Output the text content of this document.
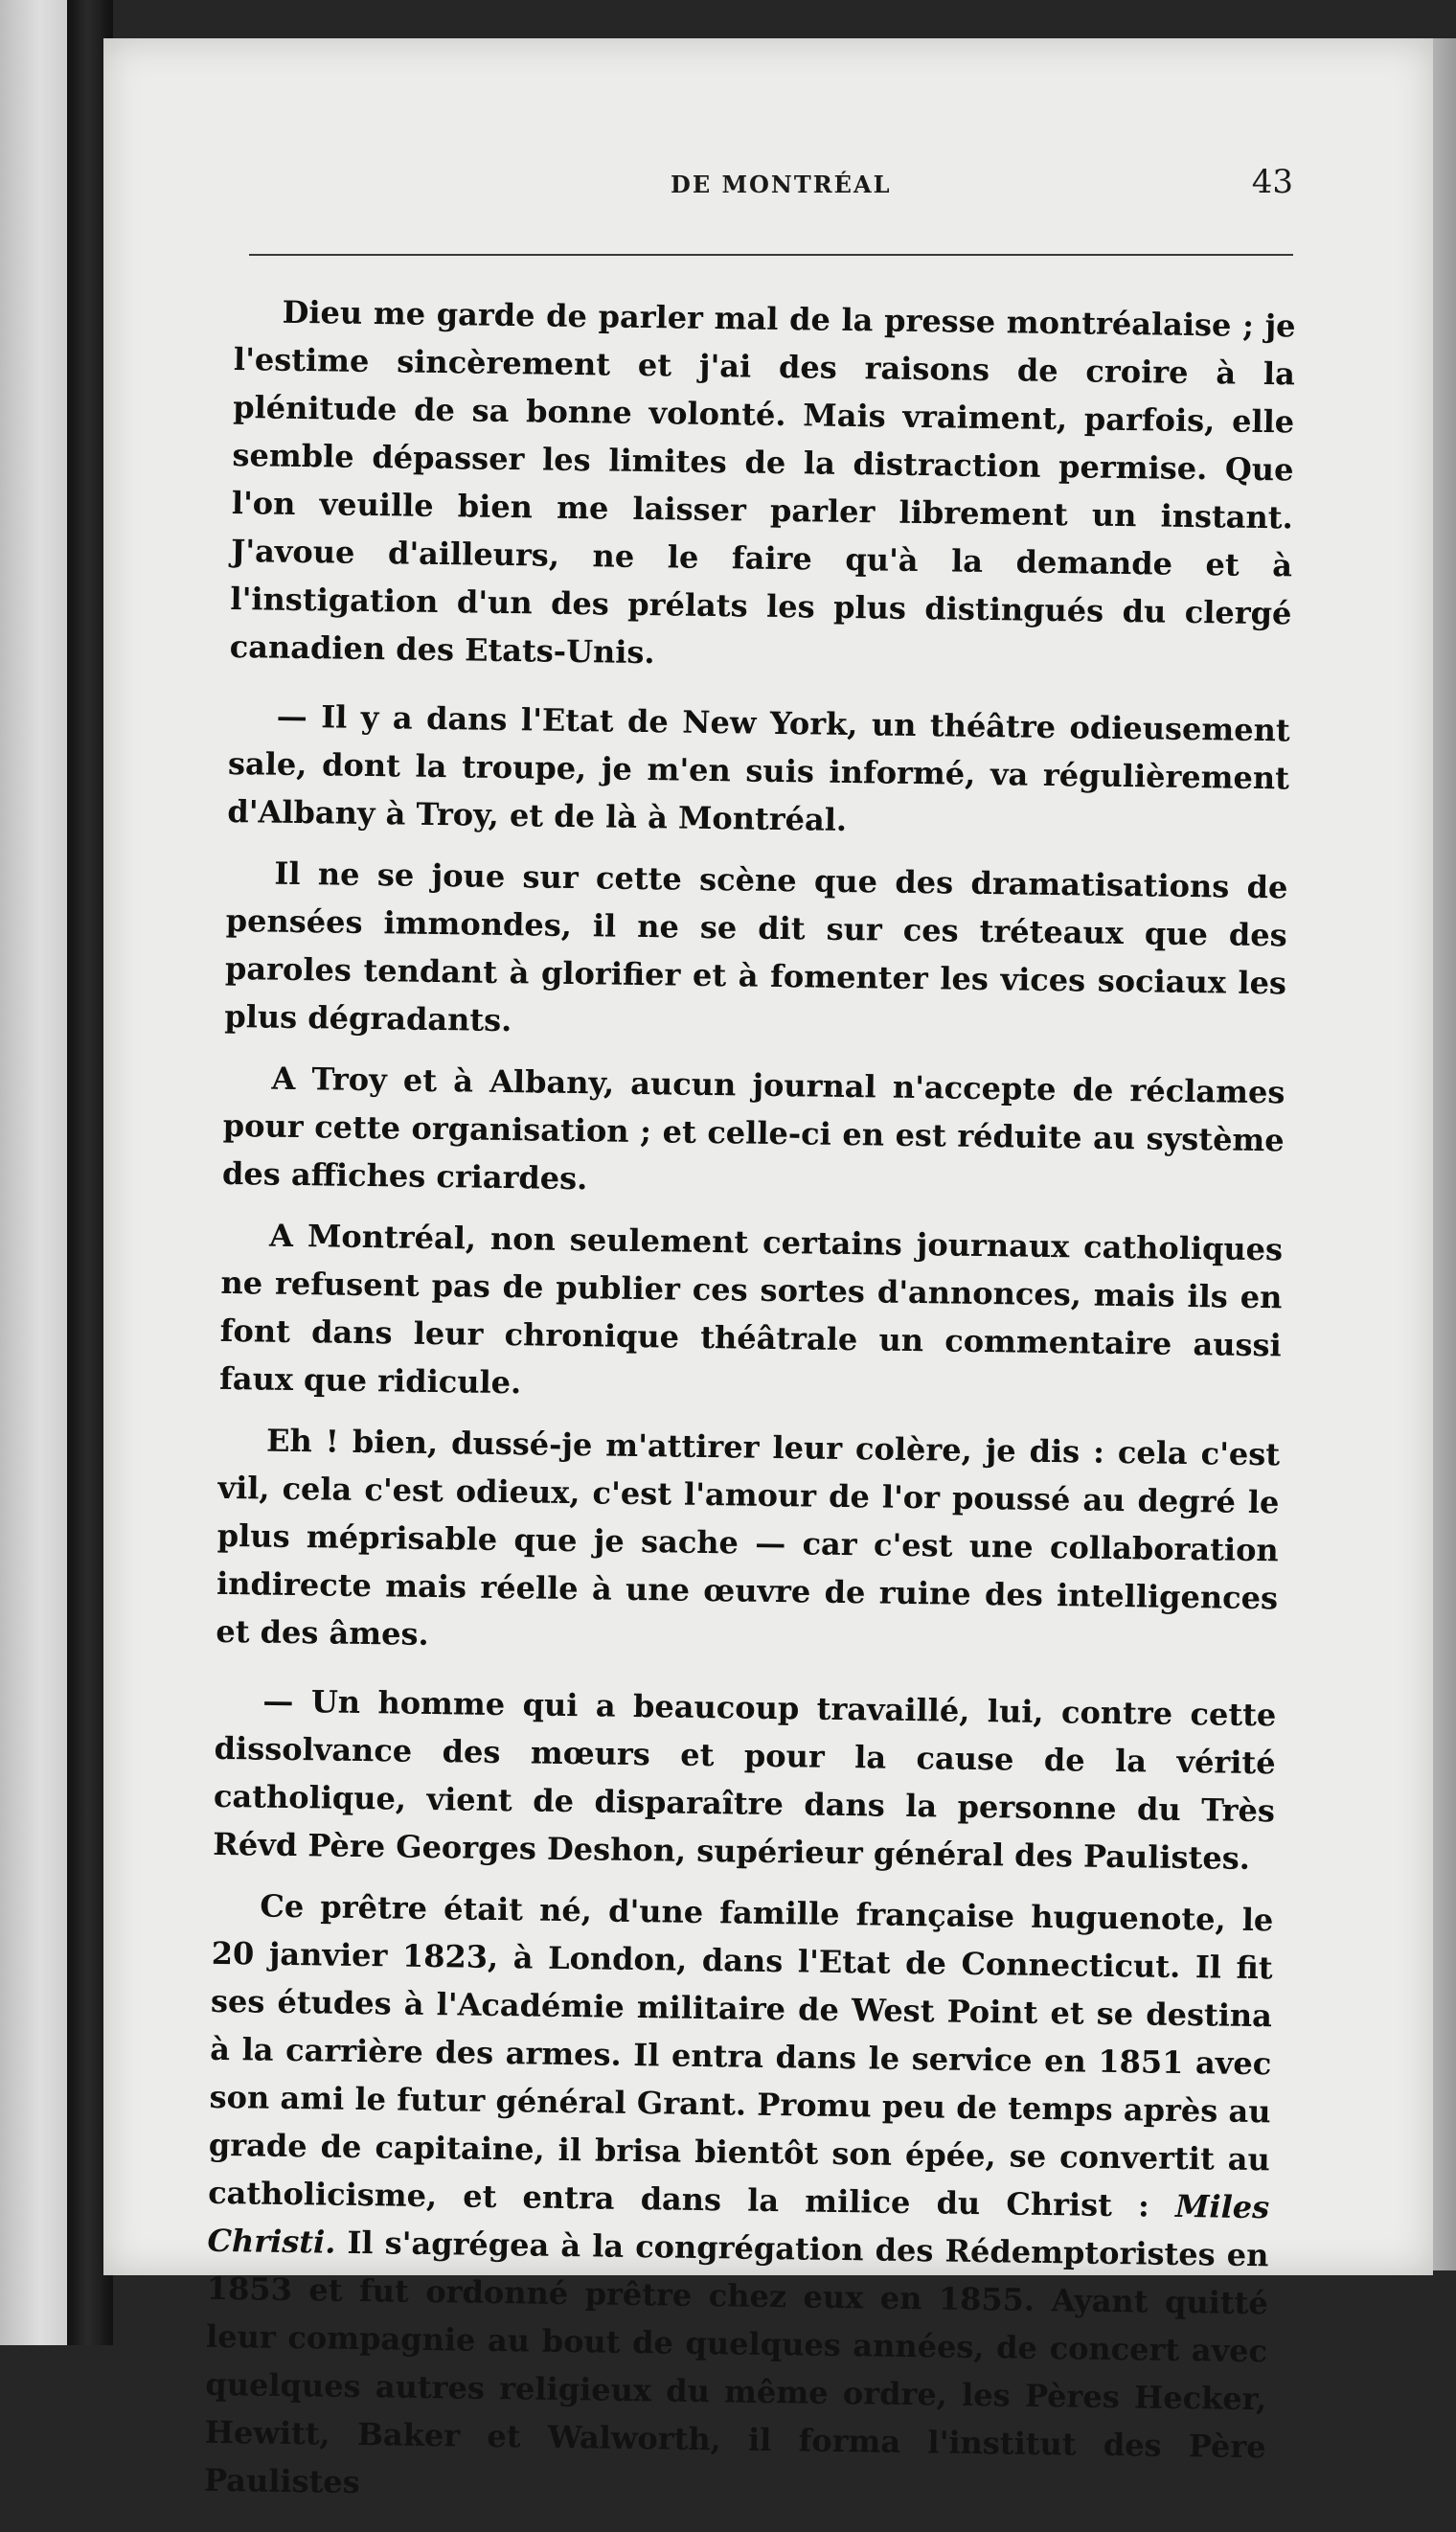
DE MONTRÉAL	43

Dieu me garde de parler mal de la presse montréalaise ; je l'estime sincèrement et j'ai des raisons de croire à la plénitude de sa bonne volonté. Mais vraiment, parfois, elle semble dépasser les limites de la distraction permise. Que l'on veuille bien me laisser parler librement un instant. J'avoue d'ailleurs, ne le faire qu'à la demande et à l'instigation d'un des prélats les plus distingués du clergé canadien des Etats-Unis.

— Il y a dans l'Etat de New York, un théâtre odieusement sale, dont la troupe, je m'en suis informé, va régulièrement d'Albany à Troy, et de là à Montréal.

Il ne se joue sur cette scène que des dramatisations de pensées immondes, il ne se dit sur ces tréteaux que des paroles tendant à glorifier et à fomenter les vices sociaux les plus dégradants.

A Troy et à Albany, aucun journal n'accepte de réclames pour cette organisation ; et celle-ci en est réduite au système des affiches criardes.

A Montréal, non seulement certains journaux catholiques ne refusent pas de publier ces sortes d'annonces, mais ils en font dans leur chronique théâtrale un commentaire aussi faux que ridicule.

Eh ! bien, dussé-je m'attirer leur colère, je dis : cela c'est vil, cela c'est odieux, c'est l'amour de l'or poussé au degré le plus méprisable que je sache — car c'est une collaboration indirecte mais réelle à une œuvre de ruine des intelligences et des âmes.

— Un homme qui a beaucoup travaillé, lui, contre cette dissolvance des mœurs et pour la cause de la vérité catholique, vient de disparaître dans la personne du Très Révd Père Georges Deshon, supérieur général des Paulistes.

Ce prêtre était né, d'une famille française huguenote, le 20 janvier 1823, à London, dans l'Etat de Connecticut. Il fit ses études à l'Académie militaire de West Point et se destina à la carrière des armes. Il entra dans le service en 1851 avec son ami le futur général Grant. Promu peu de temps après au grade de capitaine, il brisa bientôt son épée, se convertit au catholicisme, et entra dans la milice du Christ : Miles Christi. Il s'agrégea à la congrégation des Rédemptoristes en 1853 et fut ordonné prêtre chez eux en 1855. Ayant quitté leur compagnie au bout de quelques années, de concert avec quelques autres religieux du même ordre, les Pères Hecker, Hewitt, Baker et Walworth, il forma l'institut des Père Paulistes
